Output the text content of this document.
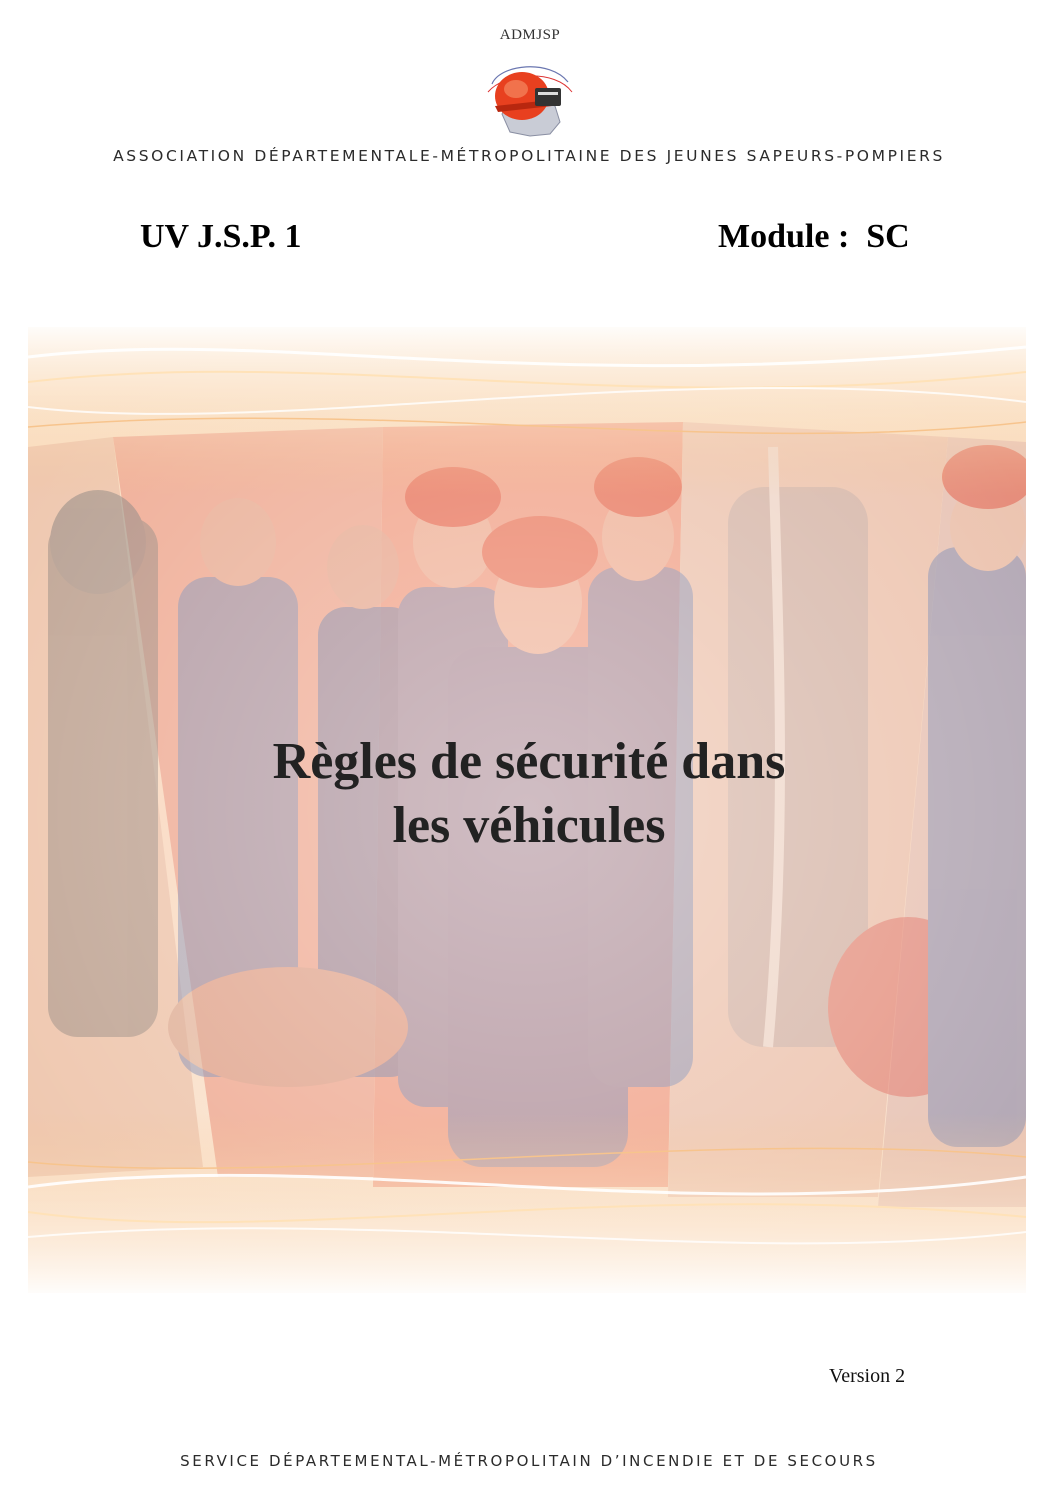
ADMJSP
ASSOCIATION DÉPARTEMENTALE-MÉTROPOLITAINE DES JEUNES SAPEURS-POMPIERS
UV J.S.P. 1	Module :  SC
Règles de sécurité dans
les véhicules
Version 2
SERVICE DÉPARTEMENTAL-MÉTROPOLITAIN D’INCENDIE ET DE SECOURS
